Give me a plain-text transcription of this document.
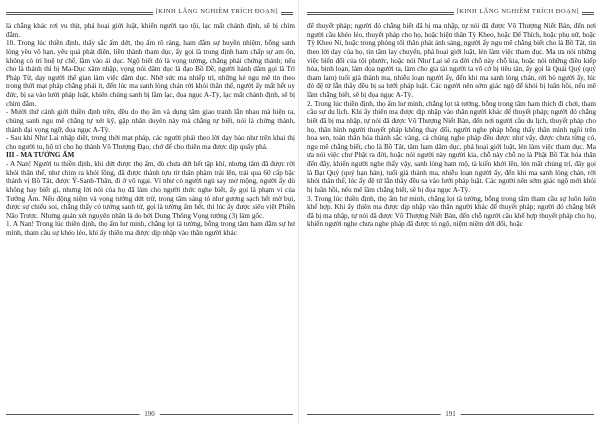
[KINH LĂNG NGHIÊM TRÍCH ĐOẠN]

là chẳng khác rơi vu thịt, phá hoại giới luật, khiến người tạo tội, lạc mất chánh định, sẽ bị chìm đắm.

10. Trong lúc thiền định, thấy sắc ấm dứt, thọ ấm rõ ràng, ham đắm sự huyền nhiệm, bỗng sanh lòng yêu vô hạn, yêu quá phát điên, liền thành tham dục, ấy gọi là trong định ham chấp sự am ổn, không có trí huệ tự chế, lầm vào ái dục. Ngộ biết đó là vọng tưởng, chẳng phải chứng thánh; nếu cho là thánh thì bị Ma-Dục xâm nhập, vọng nói dâm dục là đạo Bồ Đề, người hành dâm gọi là Trì Pháp Tử, dạy người thế gian làm việc dâm dục. Nhờ sức ma nhiếp trì, những kẻ ngu mê tin theo trong thời mạt pháp chẳng phải ít, đến lúc ma sanh lòng chán rời khỏi thân thể, người ấy mất hết uy đức, bị sa vào lưới pháp luật, khiến chúng sanh bị lầm lạc, đọa ngục A-Tỳ, lạc mất chánh định, sẽ bị chìm đắm.

- Mười thứ cảnh giới thiền định trên, đều do thọ ấm và dụng tâm giao tranh lẫn nhau mà hiện ra, chúng sanh ngu mê chẳng tự xét kỹ, gặp nhân duyên này mà chẳng tự biết, nói là chứng thánh, thành đại vọng ngữ, đọa ngục A-Tỳ.

- Sau khi Như Lai nhập diệt, trong thời mạt pháp, các người phải theo lời dạy bảo như trên khai thị cho người tu, hộ trì cho họ thành Vô Thượng Đạo, chớ để cho thiên ma được dịp quấy phá.

III - MA TƯỞNG ẤM

- A Nan! Người tu thiền định, khi dứt được thọ ấm, dù chưa dứt hết tập khí, nhưng tâm đã được rời khỏi thân thể, như chim ra khỏi lồng, đã được thành tựu từ thân phàm trải lên, trải qua 60 cấp bậc thánh vị Bồ Tát, được Ý-Sanh-Thân, đi ở vô ngại. Ví như có người ngủ say mơ mộng, người ấy dù không hay biết gì, nhưng lời nói của họ đã làm cho người thức nghe biết, ấy gọi là phạm vi của Tưởng Ấm. Nếu động niệm và vọng tưởng dứt trừ, trong tâm sáng tỏ như gương sạch hết mờ bụi, được sự chiếu soi, chẳng thấy có tướng sanh tử, gọi là tưởng ấm hết, thì lúc ấy được siêu việt Phiền Não Trược. Nhưng quán xét nguyên nhân là do bởi Dung Thông Vọng tưởng (3) làm gốc.

1. A Nan! Trong lúc thiền định, thọ ấm hư minh, chẳng lọt tà tưởng, bỗng trong tâm ham đắm sự hư minh, tham cầu sự khéo léo, khi ấy thiên ma được dịp nhập vào thân người khác

190
[KINH LĂNG NGHIÊM TRÍCH ĐOẠN]

để thuyết pháp; người đó chẳng biết đã bị ma nhập, tự nói đã được Vô Thượng Niết Bàn, đến nơi người cầu khéo léo, thuyết pháp cho họ, hoặc hiện thân Tỳ Kheo, hoặc Đế Thích, hoặc phụ nữ, hoặc Tỳ Kheo Ni, hoặc trong phòng tối thân phát ánh sáng, người ấy ngu mê chẳng biết cho là Bồ Tát, tin theo lời dạy của họ, tin tâm lay chuyển, phá hoại giới luật, lén làm việc tham dục. Ma ưa nói những việc biến đổi của tội phước, hoặc nói Như Lai sẽ ra đời chỗ này chỗ kia, hoặc nói những điều kiếp hỏa, binh loạn, làm dọa người ta, làm cho gia tài người ta vô cớ bị tiêu tán, ấy gọi là Quái Quỷ (quỷ tham lam) tuổi già thành ma, nhiễu loạn người ấy, đến khi ma sanh lòng chán, rời bỏ người ấy, lúc đó đệ tử lẫn thầy đều bị sa lưới pháp luật. Các người nên sớm giác ngộ để khỏi bị luân hồi, nếu mê lầm chẳng biết, sẽ bị đọa ngục A-Tỳ.

2. Trong lúc thiền định, thọ ấm hư minh, chẳng lọt tà tưởng, bỗng trong tâm ham thích đi chơi, tham cầu sự du lịch. Khi ấy thiên ma được dịp nhập vào thân người khác để thuyết pháp; người đó chẳng biết đã bị ma nhập, tự nói đã được Vô Thượng Niết Bàn, đến nơi người cầu du lịch, thuyết pháp cho họ, thân hình người thuyết pháp không thay đổi, người nghe pháp bỗng thấy thân mình ngồi trên hoa sen, toàn thân hóa thành sắc vàng, cả chúng nghe pháp đều được như vậy, được chưa từng có, ngu mê chẳng biết, cho là Bồ Tát, tâm ham dâm dục, phá hoại giới luật, lén làm việc tham dục. Ma ưa nói việc chư Phật ra đời, hoặc nói người này người kia, chỗ này chỗ nọ là Phật Bồ Tát hóa thân đến đây, khiến người nghe thấy vậy, sanh lòng ham mộ, tà kiến khởi lên, lén mất chủng trí, đây gọi là Bạt Quỷ (quỷ hạn hán), tuổi già thành ma, nhiễu loạn người ấy, đến khi ma sanh lòng chán, rời khỏi thân thể, lúc ấy đệ tử lẫn thầy đều sa vào lưới pháp luật. Các người nên sớm giác ngộ mới khỏi bị luân hồi, nếu mê lầm chẳng biết, sẽ bị đọa ngục A-Tỳ.

3. Trong lúc thiền định, thọ ấm hư minh, chẳng lọt tà tưởng, bỗng trong tâm tham cầu sự luôn luôn khế hợp. Khi ấy thiên ma được dịp nhập vào thân người khác để thuyết pháp; người đó chẳng biết đã bị ma nhập, tự nói đã được Vô Thượng Niết Bàn, đến chỗ người cầu khế hợp thuyết pháp cho họ, khiến người nghe chưa nghe pháp đã được tỏ ngộ, niệm niệm dời đổi, hoặc

191
